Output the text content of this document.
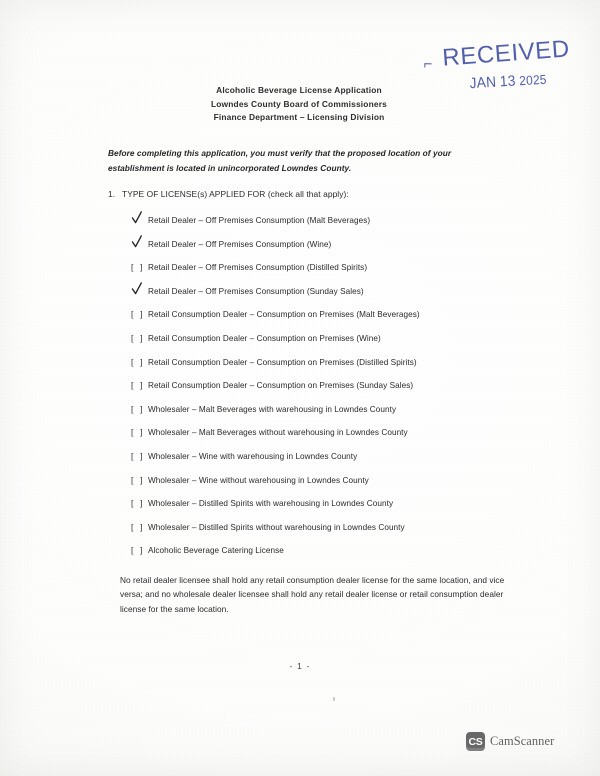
⌐ RECEIVED
JAN 13 2025
Alcoholic Beverage License Application
Lowndes County Board of Commissioners
Finance Department – Licensing Division
Before completing this application, you must verify that the proposed location of your establishment is located in unincorporated Lowndes County.
1. TYPE OF LICENSE(s) APPLIED FOR (check all that apply):
Retail Dealer – Off Premises Consumption (Malt Beverages)
Retail Dealer – Off Premises Consumption (Wine)
[ ] Retail Dealer – Off Premises Consumption (Distilled Spirits)
Retail Dealer – Off Premises Consumption (Sunday Sales)
[ ] Retail Consumption Dealer – Consumption on Premises (Malt Beverages)
[ ] Retail Consumption Dealer – Consumption on Premises (Wine)
[ ] Retail Consumption Dealer – Consumption on Premises (Distilled Spirits)
[ ] Retail Consumption Dealer – Consumption on Premises (Sunday Sales)
[ ] Wholesaler – Malt Beverages with warehousing in Lowndes County
[ ] Wholesaler – Malt Beverages without warehousing in Lowndes County
[ ] Wholesaler – Wine with warehousing in Lowndes County
[ ] Wholesaler – Wine without warehousing in Lowndes County
[ ] Wholesaler – Distilled Spirits with warehousing in Lowndes County
[ ] Wholesaler – Distilled Spirits without warehousing in Lowndes County
[ ] Alcoholic Beverage Catering License
No retail dealer licensee shall hold any retail consumption dealer license for the same location, and vice versa; and no wholesale dealer licensee shall hold any retail dealer license or retail consumption dealer license for the same location.
- 1 -
CS CamScanner
